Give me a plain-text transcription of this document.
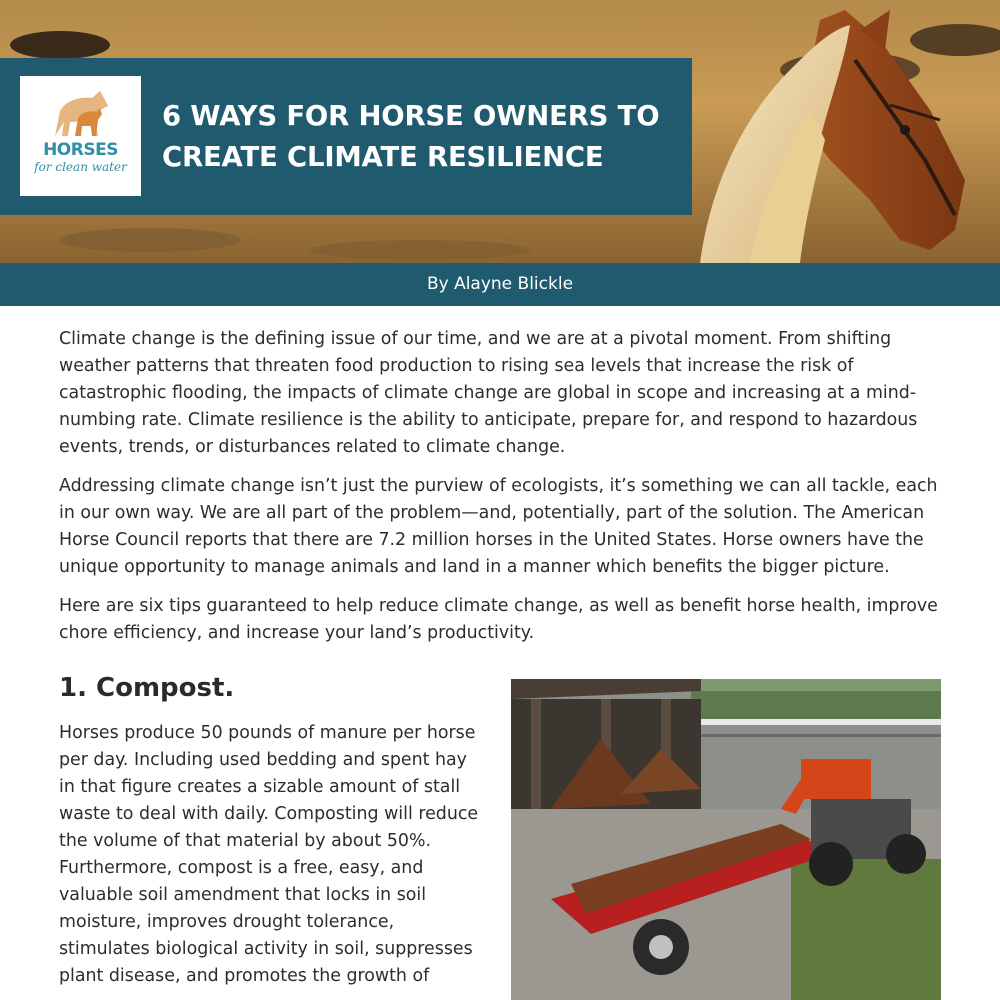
HORSES
for clean water
6 WAYS FOR HORSE OWNERS TO
CREATE CLIMATE RESILIENCE
By Alayne Blickle

Climate change is the defining issue of our time, and we are at a pivotal moment. From shifting weather patterns that threaten food production to rising sea levels that increase the risk of catastrophic flooding, the impacts of climate change are global in scope and increasing at a mind-numbing rate. Climate resilience is the ability to anticipate, prepare for, and respond to hazardous events, trends, or disturbances related to climate change.

Addressing climate change isn’t just the purview of ecologists, it’s something we can all tackle, each in our own way. We are all part of the problem—and, potentially, part of the solution. The American Horse Council reports that there are 7.2 million horses in the United States. Horse owners have the unique opportunity to manage animals and land in a manner which benefits the bigger picture.

Here are six tips guaranteed to help reduce climate change, as well as benefit horse health, improve chore efficiency, and increase your land’s productivity.

1. Compost.

Horses produce 50 pounds of manure per horse per day. Including used bedding and spent hay in that figure creates a sizable amount of stall waste to deal with daily. Composting will reduce the volume of that material by about 50%. Furthermore, compost is a free, easy, and valuable soil amendment that locks in soil moisture, improves drought tolerance, stimulates biological activity in soil, suppresses plant disease, and promotes the growth of
